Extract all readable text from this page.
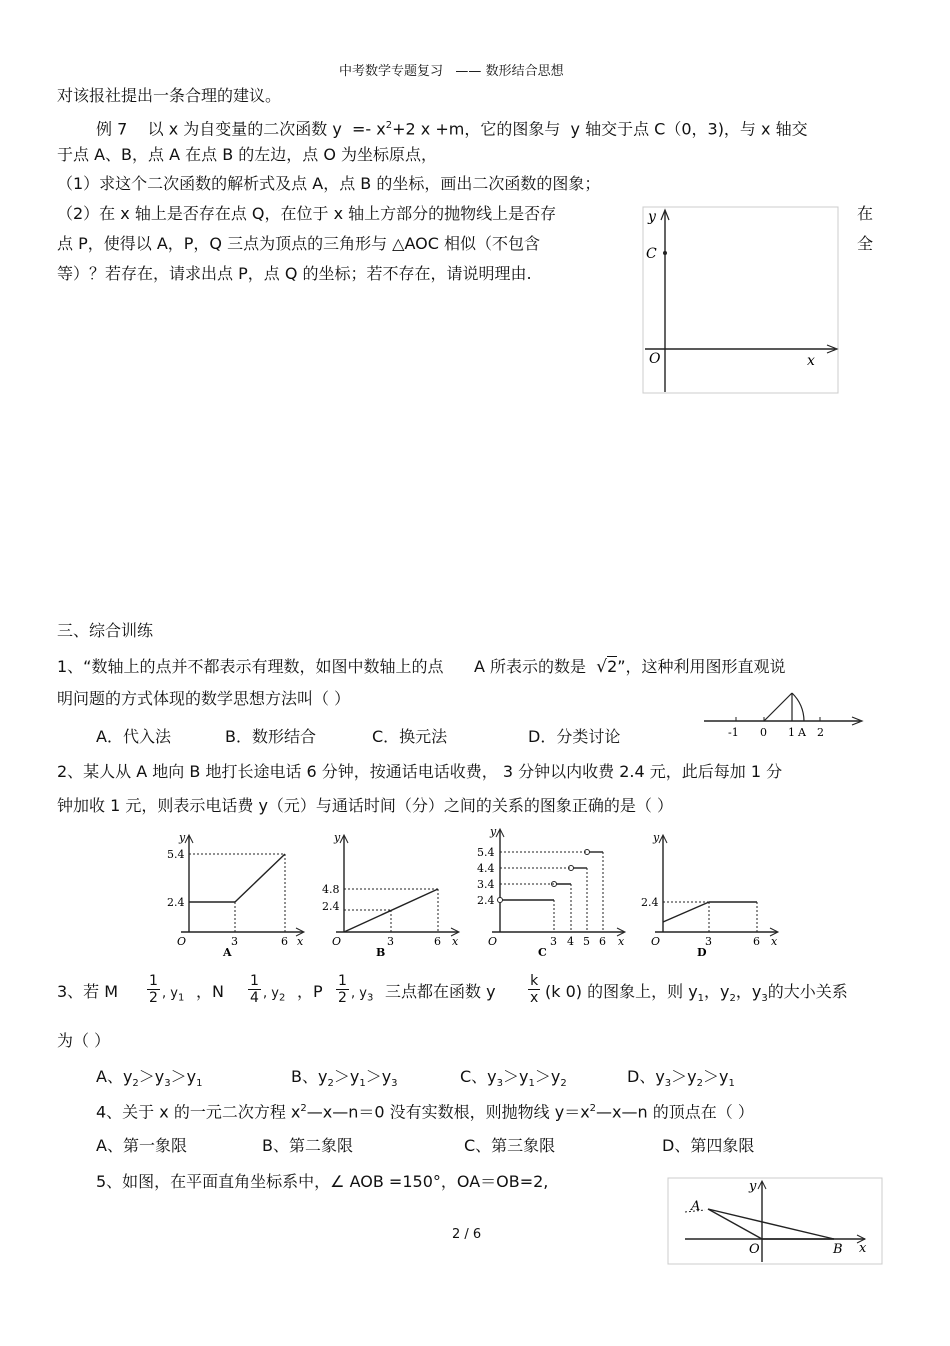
中考数学专题复习 —— 数形结合思想
对该报社提出一条合理的建议。
例 7 以 x 为自变量的二次函数 $y =- x^2+2$ x +m，它的图象与 y 轴交于点 C（0，3)，与 x 轴交
于点 A、B，点 A 在点 B 的左边，点 O 为坐标原点，
（1）求这个二次函数的解析式及点 A，点 B 的坐标，画出二次函数的图象；
（2）在 x 轴上是否存在点 Q，在位于 x 轴上方部分的抛物线上是否存	在
点 P，使得以 A，P，Q 三点为顶点的三角形与 △AOC 相似（不包含	全
等）？若存在，请求出点 P，点 Q 的坐标；若不存在，请说明理由.
y
C
O	x
三、综合训练
1、“数轴上的点并不都表示有理数，如图中数轴上的点 A 所表示的数是 √2”，这种利用图形直观说
明问题的方式体现的数学思想方法叫（ ）
A．代入法	B．数形结合	C．换元法	D．分类讨论	-1 0 1 A 2
2、某人从 A 地向 B 地打长途电话 6 分钟，按通话电话收费， 3 分钟以内收费 2.4 元，此后每加 1 分
钟加收 1 元，则表示电话费 y（元）与通话时间（分）之间的关系的图象正确的是（ ）
y
5.4
2.4
O	3	6 x
A
y
4.8
2.4
O	3	6 x
B
y
5.4
4.4
3.4
2.4
O	3 4 5 6 x
C
y
2.4
O	3	6 x
D
3、若 M $\frac{1}{2}$ , $y_1$ ，N $\frac{1}{4}$ , $y_2$ ，P $\frac{1}{2}$ , $y_3$ 三点都在函数 y $\frac{k}{x} (k$ 0) 的图象上，则 $y_1$，$y_2$，$y_3$的大小关系
为（ ）
A、$y_2>y_3>y_1$	B、$y_2>y_1>y_3$	C、$y_3>y_1>y_2$	D、$y_3>y_2>y_1$
4、关于 x 的一元二次方程 $x^2—x—n=0$ 没有实数根，则抛物线 $y=x^2—x—n$ 的顶点在（ ）
A、第一象限	B、第二象限	C、第三象限	D、第四象限
5、如图，在平面直角坐标系中，∠ AOB =150°，OA＝OB=2,	y
A
O	B x
2 / 6
